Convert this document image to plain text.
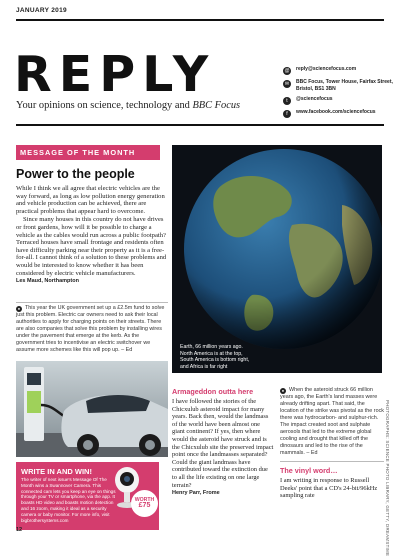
JANUARY 2019
REPLY
Your opinions on science, technology and BBC Focus
@ reply@sciencefocus.com
✉	BBC Focus, Tower House, Fairfax Street, Bristol, BS1 3BN
t	@sciencefocus
f	www.facebook.com/sciencefocus
MESSAGE OF THE MONTH
Power to the people

While I think we all agree that electric vehicles are the way forward, as long as low pollution energy generation and vehicle production can be achieved, there are practical problems that appear hard to overcome.

Since many houses in this country do not have drives or front gardens, how will it be possible to charge a vehicle as the cables would run across a public footpath? Terraced houses have small frontage and residents often have difficulty parking near their property as it is a free-for-all. I cannot think of a solution to these problems and would be interested to know whether it has been considered by electric vehicle manufacturers.

Les Maud, Northampton
● This year the UK government set up a £2.5m fund to solve just this problem. Electric car owners need to ask their local authorities to apply for charging points on their streets. There are also companies that solve this problem by installing wires under the pavement that emerge at the kerb. As the government tries to incentivise an electric switchover we assume more schemes like this will pop up. – Ed	Earth, 66 million years ago. North America is at the top, South America is bottom right, and Africa is far right
WRITE IN AND WIN!
The writer of next issue's Message Of The Month wins a Swannover Camera. This connected cam lets you keep an eye on things through your TV or smartphone, via the app. It boasts HD video and boasts motion detection and 16 zoom, making it ideal as a security camera or baby monitor. For more info, visit bigbrothersystems.com
WORTH
£75
Armageddon outta here
I have followed the stories of the Chicxulub asteroid impact for many years. Back then, would the landmass of the world have been almost one giant continent? If yes, then where would the asteroid have struck and is the Chicxulub site the preserved impact point once the landmasses separated? Could the giant landmass have contributed toward the extinction due to all the life existing on one large terrain?
Henry Parr, Frome
● When the asteroid struck 66 million years ago, the Earth's land masses were already drifting apart. That said, the location of the strike was pivotal as the rock there was hydrocarbon- and sulphur-rich. The impact created soot and sulphate aerosols that led to the extreme global cooling and drought that killed off the dinosaurs and led to the rise of the mammals. – Ed
The vinyl word…
I am writing in response to Russell Deeks' point that a CD's 24-bit/96kHz sampling rate	PHOTOGRAPHS: SCIENCE PHOTO LIBRARY, GETTY, DREAMSTIME
12
